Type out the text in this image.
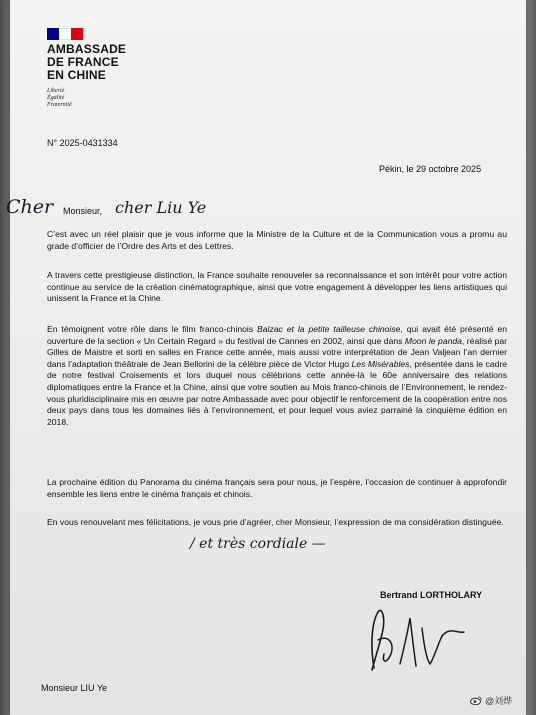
AMBASSADE
DE FRANCE
EN CHINE
Liberté
Égalité
Fraternité
N° 2025-0431334
Pékin, le 29 octobre 2025
Cher Monsieur, cher Liu Ye
C’est avec un réel plaisir que je vous informe que la Ministre de la Culture et de la Communication vous a promu au grade d’officier de l’Ordre des Arts et des Lettres.
A travers cette prestigieuse distinction, la France souhaite renouveler sa reconnaissance et son intérêt pour votre action continue au service de la création cinématographique, ainsi que votre engagement à développer les liens artistiques qui unissent la France et la Chine.
En témoignent votre rôle dans le film franco-chinois Balzac et la petite tailleuse chinoise, qui avait été présenté en ouverture de la section « Un Certain Regard » du festival de Cannes en 2002, ainsi que dans Moon le panda, réalisé par Gilles de Maistre et sorti en salles en France cette année, mais aussi votre interprétation de Jean Valjean l’an dernier dans l’adaptation théâtrale de Jean Bellorini de la célèbre pièce de Victor Hugo Les Misérables, présentée dans le cadre de notre festival Croisements et lors duquel nous célébrions cette année-là le 60e anniversaire des relations diplomatiques entre la France et la Chine, ainsi que votre soutien au Mois franco-chinois de l’Environnement, le rendez-vous pluridisciplinaire mis en œuvre par notre Ambassade avec pour objectif le renforcement de la coopération entre nos deux pays dans tous les domaines liés à l’environnement, et pour lequel vous aviez parrainé la cinquième édition en 2018.
La prochaine édition du Panorama du cinéma français sera pour nous, je l’espère, l’occasion de continuer à approfondir ensemble les liens entre le cinéma français et chinois.
En vous renouvelant mes félicitations, je vous prie d’agréer, cher Monsieur, l’expression de ma considération distinguée.
/ et très cordiale —
Bertrand LORTHOLARY
Monsieur LIU Ye
@刘烨
